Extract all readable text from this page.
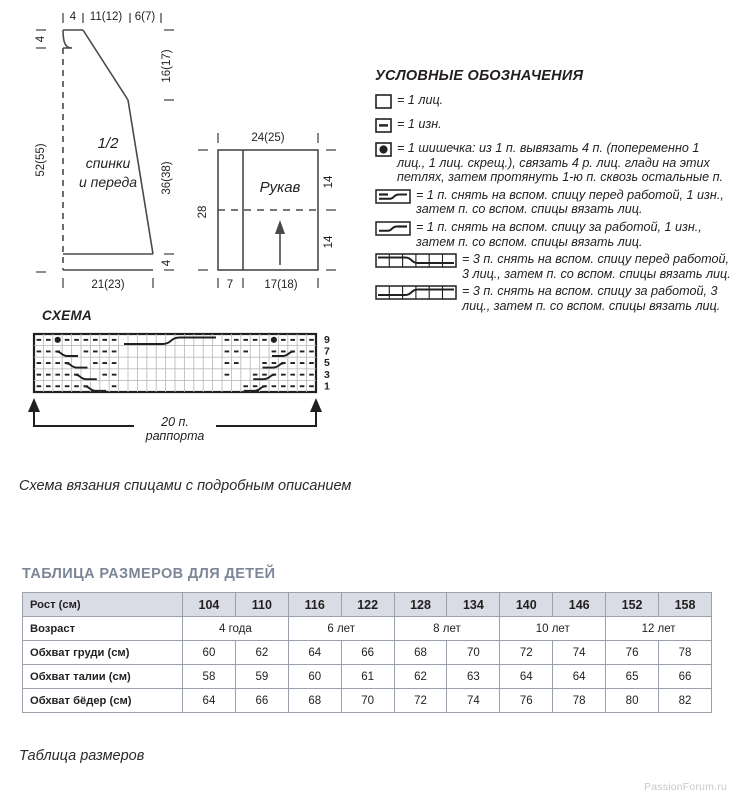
4 11(12) 6(7)
4
52(55)
16(17)
36(38)
4
21(23)
1/2
спинки
и переда
24(25)
28
14
14
7	17(18)
Рукав
УСЛОВНЫЕ ОБОЗНАЧЕНИЯ
= 1 лиц.
= 1 изн.
= 1 шишечка: из 1 п. вывязать 4 п. (попеременно 1 лиц., 1 лиц. скрещ.), связать 4 р. лиц. глади на этих петлях, затем протянуть 1-ю п. сквозь остальные п.
= 1 п. снять на вспом. спицу перед работой, 1 изн., затем п. со вспом. спицы вязать лиц.
= 1 п. снять на вспом. спицу за работой, 1 изн., затем п. со вспом. спицы вязать лиц.
= 3 п. снять на вспом. спицу перед работой, 3 лиц., затем п. со вспом. спицы вязать лиц.
= 3 п. снять на вспом. спицу за работой, 3 лиц., затем п. со вспом. спицы вязать лиц.
СХЕМА
9
7
5
3
1
20 п.
раппорта
Схема вязания спицами с подробным описанием
ТАБЛИЦА РАЗМЕРОВ ДЛЯ ДЕТЕЙ
Рост (см)	104	110	116	122	128	134	140	146	152	158
Возраст	4 года		6 лет		8 лет		10 лет		12 лет	
Обхват груди (см)	60	62	64	66	68	70	72	74	76	78
Обхват талии (см)	58	59	60	61	62	63	64	64	65	66
Обхват бёдер (см)	64	66	68	70	72	74	76	78	80	82
Таблица размеров
PassionForum.ru
